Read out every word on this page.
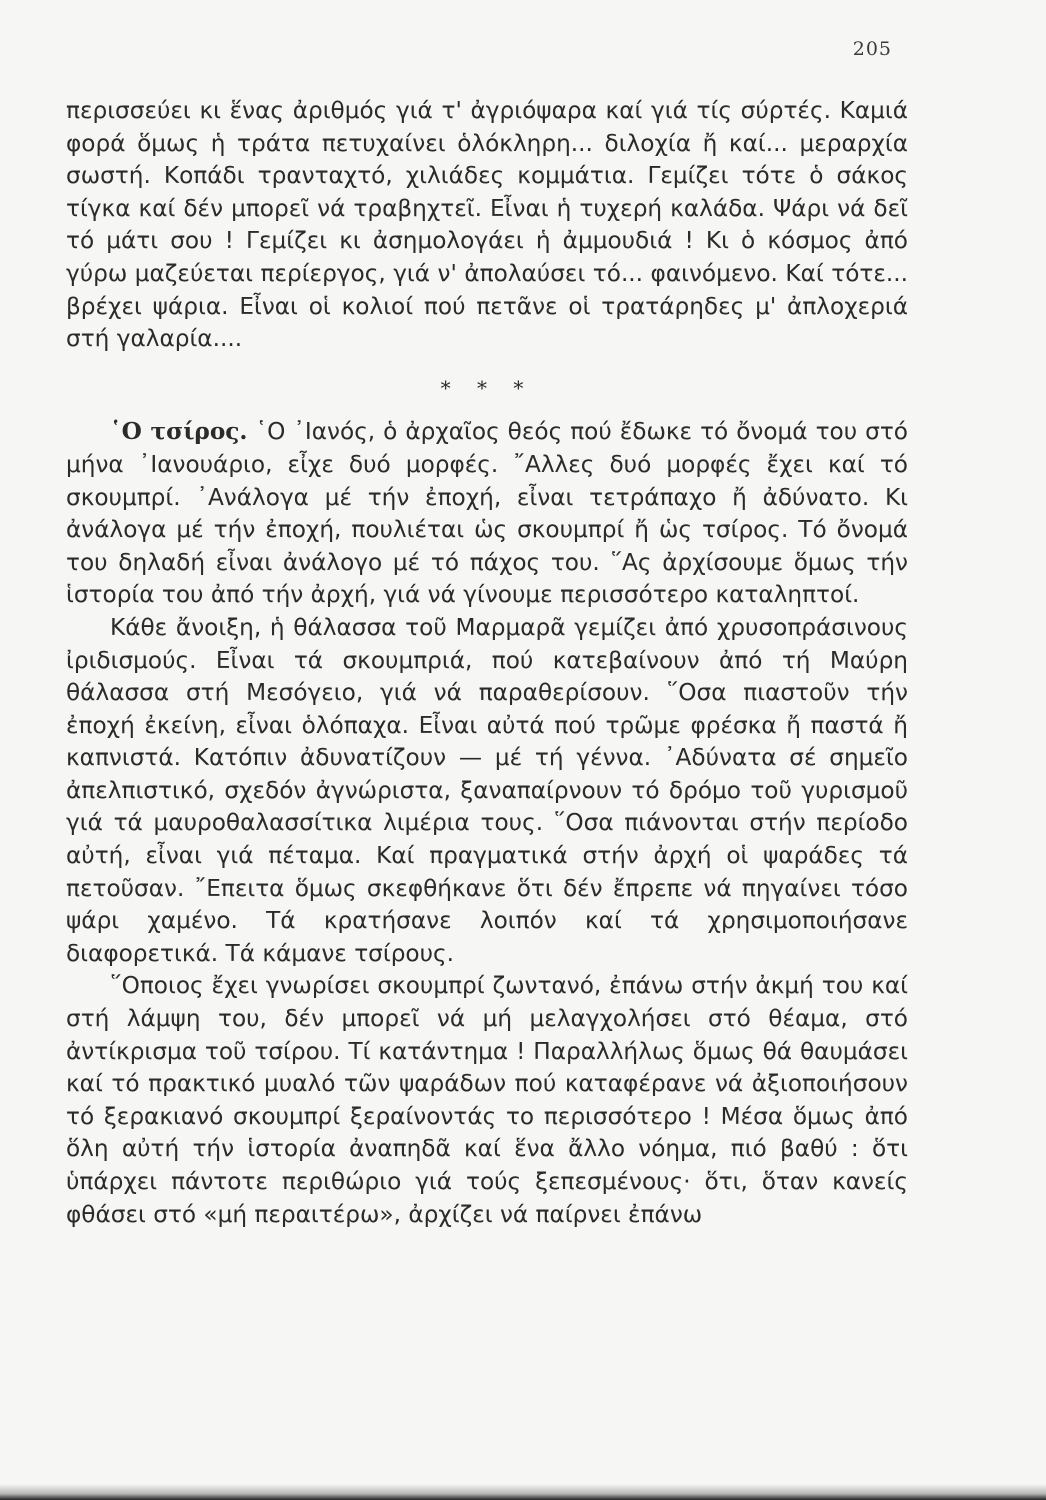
205

περισσεύει κι ἕνας ἀριθμός γιά τ' ἀγριόψαρα καί γιά τίς σύρτές. Καμιά φορά ὅμως ἡ τράτα πετυχαίνει ὁλόκληρη... διλοχία ἤ καί... μεραρχία σωστή. Κοπάδι τρανταχτό, χιλιάδες κομμάτια. Γεμίζει τότε ὁ σάκος τίγκα καί δέν μπορεῖ νά τραβηχτεῖ. Εἶναι ἡ τυχερή καλάδα. Ψάρι νά δεῖ τό μάτι σου ! Γεμίζει κι ἀσημολογάει ἡ ἀμμουδιά ! Κι ὁ κόσμος ἀπό γύρω μαζεύεται περίεργος, γιά ν' ἀπολαύσει τό... φαινόμενο. Καί τότε... βρέχει ψάρια. Εἶναι οἱ κολιοί πού πετᾶνε οἱ τρατάρηδες μ' ἀπλοχεριά στή γαλαρία....

* * *

῾Ο τσίρος. ῾Ο ᾽Ιανός, ὁ ἀρχαῖος θεός πού ἔδωκε τό ὄνομά του στό μήνα ᾽Ιανουάριο, εἶχε δυό μορφές. ῎Αλλες δυό μορφές ἔχει καί τό σκουμπρί. ᾽Ανάλογα μέ τήν ἐποχή, εἶναι τετράπαχο ἤ ἀδύνατο. Κι ἀνάλογα μέ τήν ἐποχή, πουλιέται ὡς σκουμπρί ἤ ὡς τσίρος. Τό ὄνομά του δηλαδή εἶναι ἀνάλογο μέ τό πάχος του. ῞Ας ἀρχίσουμε ὅμως τήν ἱστορία του ἀπό τήν ἀρχή, γιά νά γίνουμε περισσότερο καταληπτοί.

Κάθε ἄνοιξη, ἡ θάλασσα τοῦ Μαρμαρᾶ γεμίζει ἀπό χρυσοπράσινους ἰριδισμούς. Εἶναι τά σκουμπριά, πού κατεβαίνουν ἀπό τή Μαύρη θάλασσα στή Μεσόγειο, γιά νά παραθερίσουν. ῞Οσα πιαστοῦν τήν ἐποχή ἐκείνη, εἶναι ὁλόπαχα. Εἶναι αὐτά πού τρῶμε φρέσκα ἤ παστά ἤ καπνιστά. Κατόπιν ἀδυνατίζουν — μέ τή γέννα. ᾽Αδύνατα σέ σημεῖο ἀπελπιστικό, σχεδόν ἀγνώριστα, ξαναπαίρνουν τό δρόμο τοῦ γυρισμοῦ γιά τά μαυροθαλασσίτικα λιμέρια τους. ῞Οσα πιάνονται στήν περίοδο αὐτή, εἶναι γιά πέταμα. Καί πραγματικά στήν ἀρχή οἱ ψαράδες τά πετοῦσαν. ῎Επειτα ὅμως σκεφθήκανε ὅτι δέν ἔπρεπε νά πηγαίνει τόσο ψάρι χαμένο. Τά κρατήσανε λοιπόν καί τά χρησιμοποιήσανε διαφορετικά. Τά κάμανε τσίρους.

῞Οποιος ἔχει γνωρίσει σκουμπρί ζωντανό, ἐπάνω στήν ἀκμή του καί στή λάμψη του, δέν μπορεῖ νά μή μελαγχολήσει στό θέαμα, στό ἀντίκρισμα τοῦ τσίρου. Τί κατάντημα ! Παραλλήλως ὅμως θά θαυμάσει καί τό πρακτικό μυαλό τῶν ψαράδων πού καταφέρανε νά ἀξιοποιήσουν τό ξερακιανό σκουμπρί ξεραίνοντάς το περισσότερο ! Μέσα ὅμως ἀπό ὅλη αὐτή τήν ἱστορία ἀναπηδᾶ καί ἕνα ἄλλο νόημα, πιό βαθύ : ὅτι ὑπάρχει πάντοτε περιθώριο γιά τούς ξεπεσμένους· ὅτι, ὅταν κανείς φθάσει στό «μή περαιτέρω», ἀρχίζει νά παίρνει ἐπάνω
